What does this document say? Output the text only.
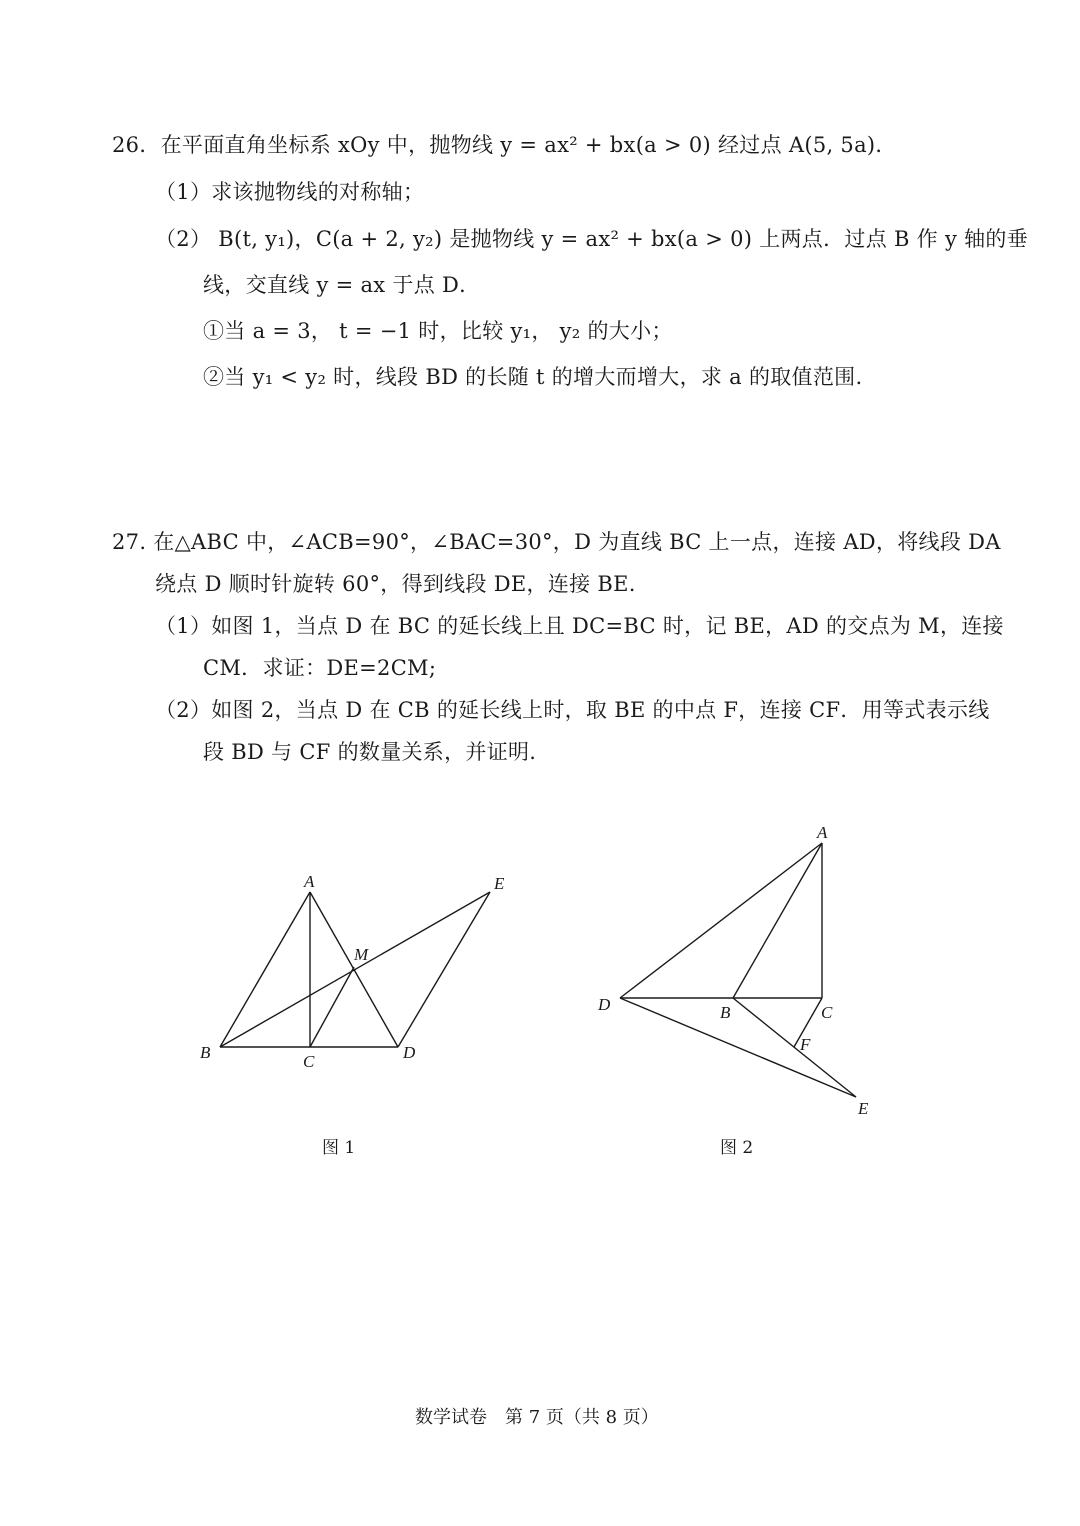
26．在平面直角坐标系 xOy 中，抛物线 y = ax² + bx(a > 0) 经过点 A(5, 5a)．
（1）求该抛物线的对称轴；
（2） B(t, y₁)，C(a + 2, y₂) 是抛物线 y = ax² + bx(a > 0) 上两点．过点 B 作 y 轴的垂
线，交直线 y = ax 于点 D．
①当 a = 3， t = −1 时，比较 y₁， y₂ 的大小；
②当 y₁ < y₂ 时，线段 BD 的长随 t 的增大而增大，求 a 的取值范围.
27. 在△ABC 中，∠ACB=90°，∠BAC=30°，D 为直线 BC 上一点，连接 AD，将线段 DA
绕点 D 顺时针旋转 60°，得到线段 DE，连接 BE.
（1）如图 1，当点 D 在 BC 的延长线上且 DC=BC 时，记 BE，AD 的交点为 M，连接
CM．求证：DE=2CM;
（2）如图 2，当点 D 在 CB 的延长线上时，取 BE 的中点 F，连接 CF．用等式表示线
段 BD 与 CF 的数量关系，并证明.
A
B	C	D
E
M
图 1
A
B	C
D
E
F
图 2
数学试卷　第 7 页（共 8 页）
